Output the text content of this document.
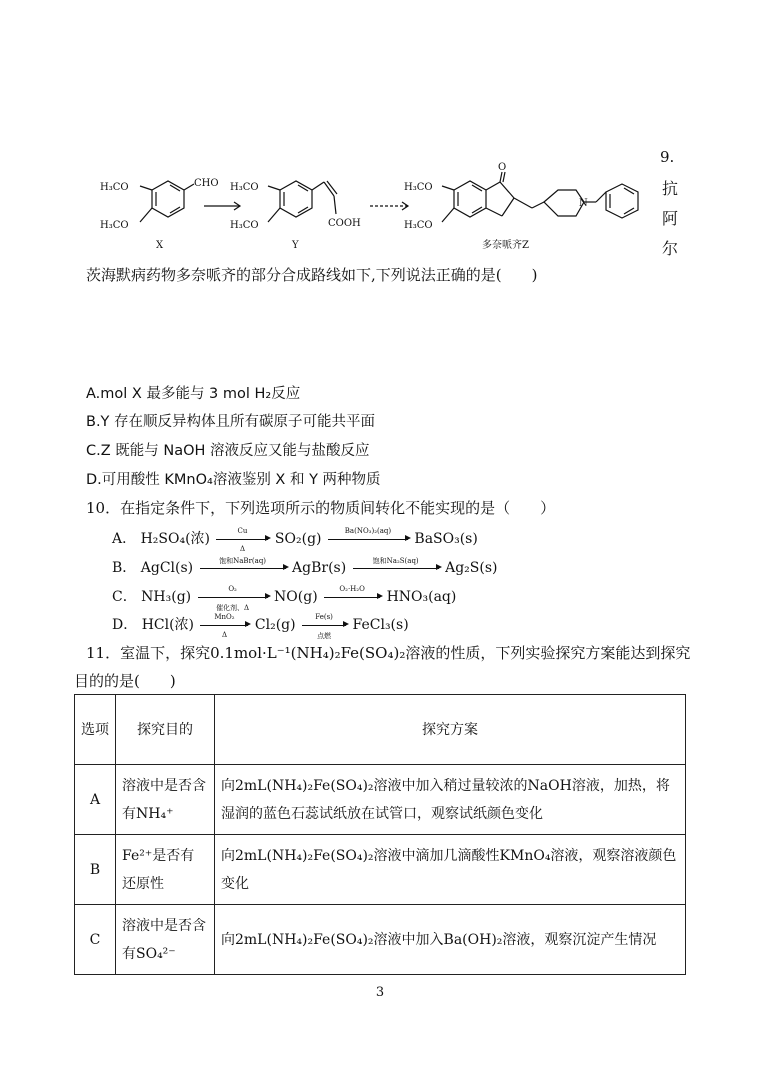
9.
抗
阿
尔
H₃CO
H₃CO
CHO H₃CO
H₃CO	COOH
H₃CO
H₃CO
O
N
X	Y	多奈哌齐Z
茨海默病药物多奈哌齐的部分合成路线如下,下列说法正确的是(　　)
A.mol X 最多能与 3 mol H₂反应
B.Y 存在顺反异构体且所有碳原子可能共平面
C.Z 既能与 NaOH 溶液反应又能与盐酸反应
D.可用酸性 KMnO₄溶液鉴别 X 和 Y 两种物质
10．在指定条件下，下列选项所示的物质间转化不能实现的是（　　）
A． H₂SO₄(浓) $\frac{Cu}{\Delta} SO_2(g)$	Ba(NO₃)₂(aq)	BaSO₃(s)
B． AgCl(s)	饱和NaBr(aq)	AgBr(s)	饱和Na₂S(aq)	Ag₂S(s)
C． NH₃(g)	O₂
催化剂、Δ
NO(g)	O₂·H₂O	HNO₃(aq)
D． HCl(浓)	MnO₂
Δ
Cl₂(g)	Fe(s)
点燃
FeCl₃(s)
11．室温下，探究0.1mol·L⁻¹(NH₄)₂Fe(SO₄)₂溶液的性质，下列实验探究方案能达到探究
目的的是(　　)
选项	探究目的	探究方案
A	溶液中是否含有NH₄⁺	向2mL(NH₄)₂Fe(SO₄)₂溶液中加入稍过量较浓的NaOH溶液，加热，将湿润的蓝色石蕊试纸放在试管口，观察试纸颜色变化
B	Fe²⁺是否有还原性	向2mL(NH₄)₂Fe(SO₄)₂溶液中滴加几滴酸性KMnO₄溶液，观察溶液颜色变化
C	溶液中是否含有SO₄²⁻	向2mL(NH₄)₂Fe(SO₄)₂溶液中加入Ba(OH)₂溶液，观察沉淀产生情况
3
